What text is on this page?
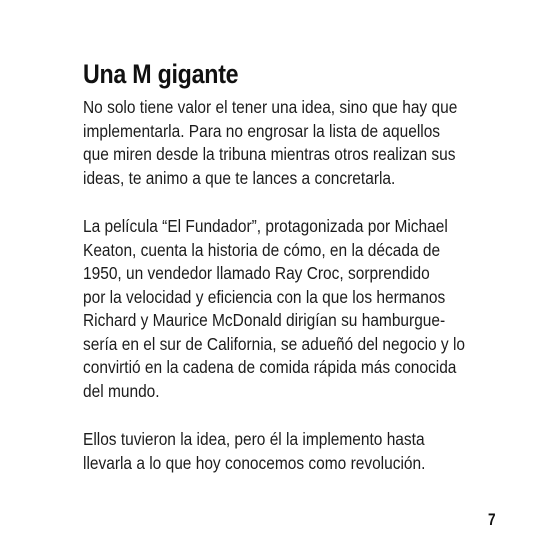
Una M gigante

No solo tiene valor el tener una idea, sino que hay que
implementarla. Para no engrosar la lista de aquellos
que miren desde la tribuna mientras otros realizan sus
ideas, te animo a que te lances a concretarla.

La película “El Fundador”, protagonizada por Michael
Keaton, cuenta la historia de cómo, en la década de
1950, un vendedor llamado Ray Croc, sorprendido
por la velocidad y eficiencia con la que los hermanos
Richard y Maurice McDonald dirigían su hamburgue-
sería en el sur de California, se adueñó del negocio y lo
convirtió en la cadena de comida rápida más conocida
del mundo.

Ellos tuvieron la idea, pero él la implemento hasta
llevarla a lo que hoy conocemos como revolución.

7
